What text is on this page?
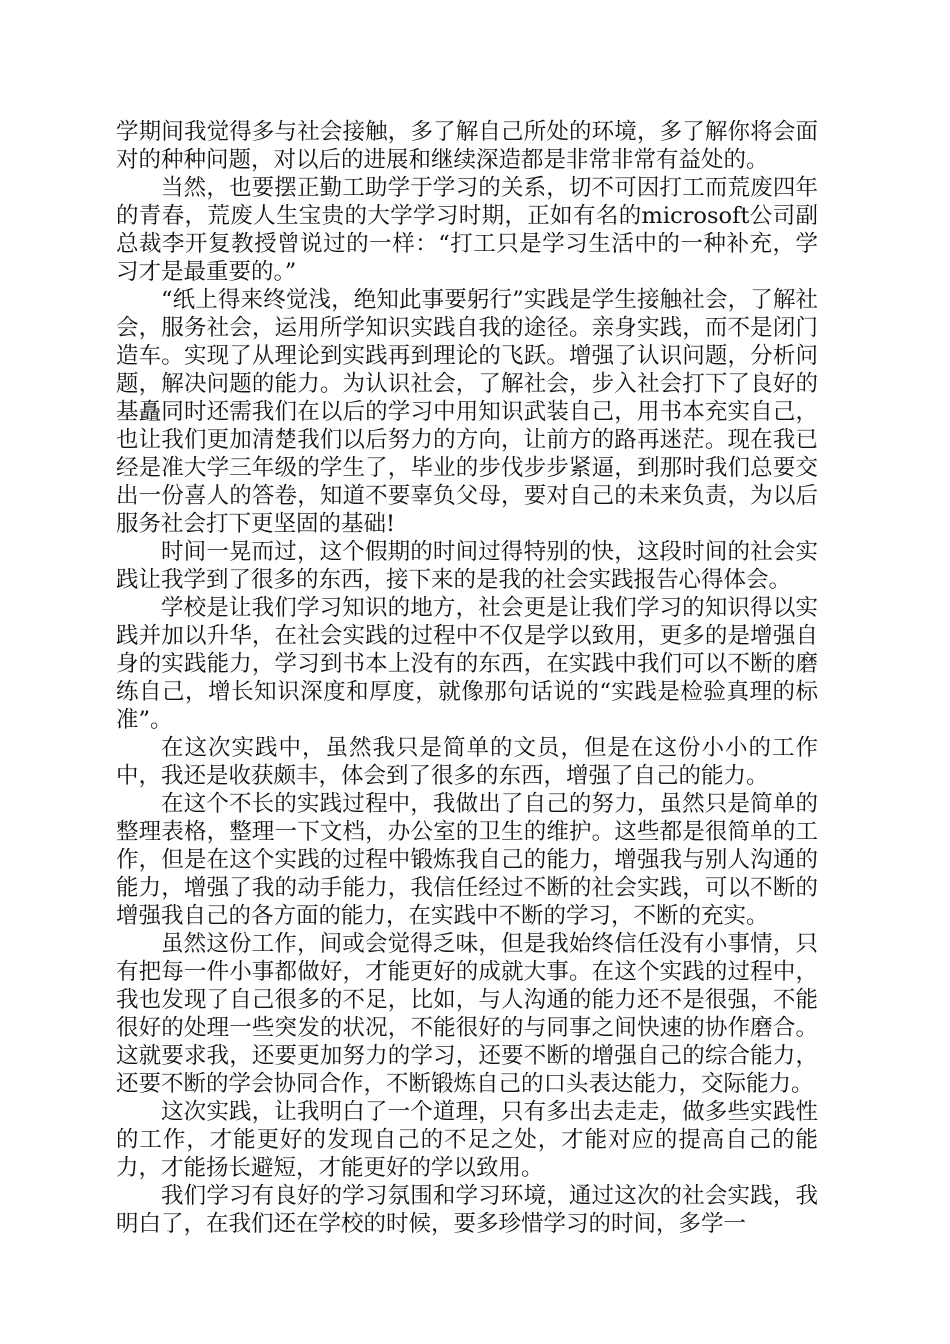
学期间我觉得多与社会接触，多了解自己所处的环境，多了解你将会面对的种种问题，对以后的进展和继续深造都是非常非常有益处的。

当然，也要摆正勤工助学于学习的关系，切不可因打工而荒废四年的青春，荒废人生宝贵的大学学习时期，正如有名的microsoft公司副总裁李开复教授曾说过的一样：“打工只是学习生活中的一种补充，学习才是最重要的。”

“纸上得来终觉浅，绝知此事要躬行”实践是学生接触社会，了解社会，服务社会，运用所学知识实践自我的途径。亲身实践，而不是闭门造车。实现了从理论到实践再到理论的飞跃。增强了认识问题，分析问题，解决问题的能力。为认识社会，了解社会，步入社会打下了良好的基矗同时还需我们在以后的学习中用知识武装自己，用书本充实自己，也让我们更加清楚我们以后努力的方向，让前方的路再迷茫。现在我已经是准大学三年级的学生了，毕业的步伐步步紧逼，到那时我们总要交出一份喜人的答卷，知道不要辜负父母，要对自己的未来负责，为以后服务社会打下更坚固的基础!

时间一晃而过，这个假期的时间过得特别的快，这段时间的社会实践让我学到了很多的东西，接下来的是我的社会实践报告心得体会。

学校是让我们学习知识的地方，社会更是让我们学习的知识得以实践并加以升华，在社会实践的过程中不仅是学以致用，更多的是增强自身的实践能力，学习到书本上没有的东西，在实践中我们可以不断的磨练自己，增长知识深度和厚度，就像那句话说的“实践是检验真理的标准”。

在这次实践中，虽然我只是简单的文员，但是在这份小小的工作中，我还是收获颇丰，体会到了很多的东西，增强了自己的能力。

在这个不长的实践过程中，我做出了自己的努力，虽然只是简单的整理表格，整理一下文档，办公室的卫生的维护。这些都是很简单的工作，但是在这个实践的过程中锻炼我自己的能力，增强我与别人沟通的能力，增强了我的动手能力，我信任经过不断的社会实践，可以不断的增强我自己的各方面的能力，在实践中不断的学习，不断的充实。

虽然这份工作，间或会觉得乏味，但是我始终信任没有小事情，只有把每一件小事都做好，才能更好的成就大事。在这个实践的过程中，我也发现了自己很多的不足，比如，与人沟通的能力还不是很强，不能很好的处理一些突发的状况，不能很好的与同事之间快速的协作磨合。这就要求我，还要更加努力的学习，还要不断的增强自己的综合能力，还要不断的学会协同合作，不断锻炼自己的口头表达能力，交际能力。

这次实践，让我明白了一个道理，只有多出去走走，做多些实践性的工作，才能更好的发现自己的不足之处，才能对应的提高自己的能力，才能扬长避短，才能更好的学以致用。

我们学习有良好的学习氛围和学习环境，通过这次的社会实践，我明白了，在我们还在学校的时候，要多珍惜学习的时间，多学一
